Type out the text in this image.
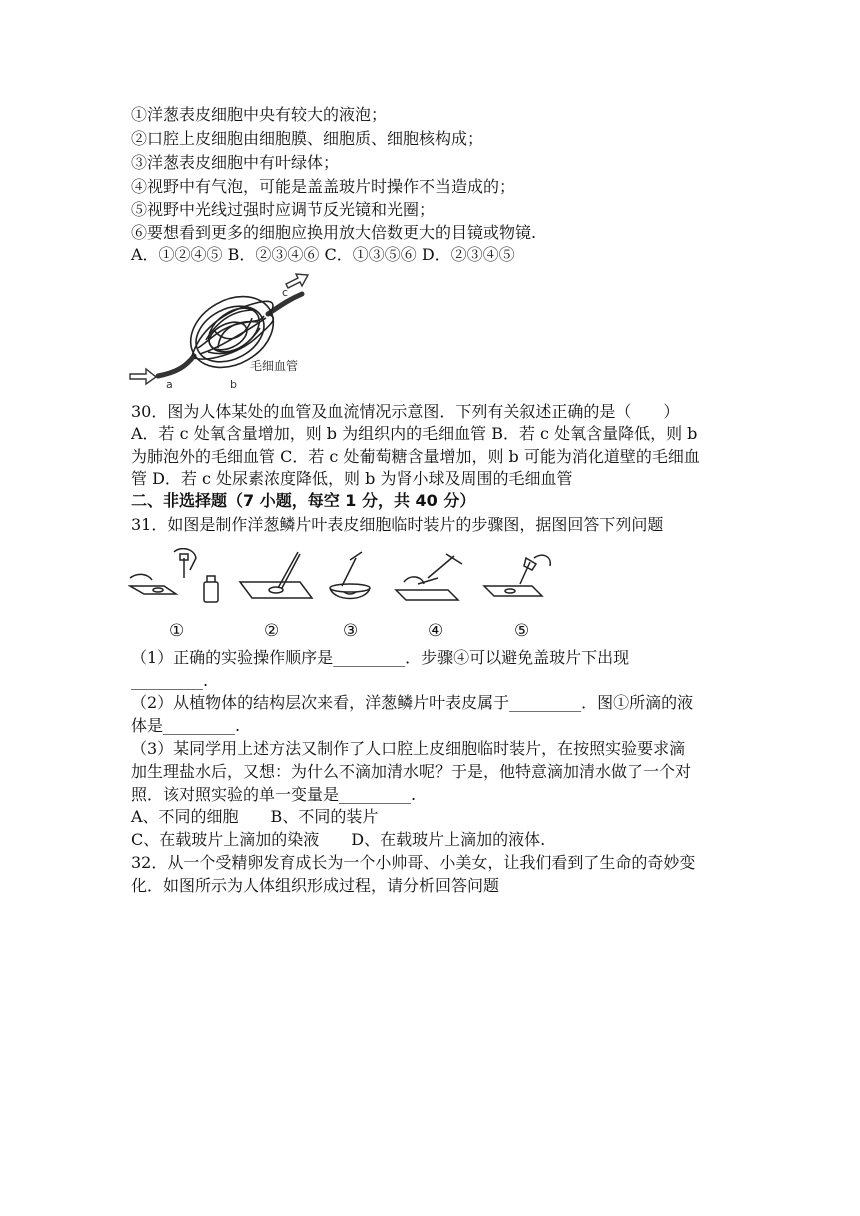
①洋葱表皮细胞中央有较大的液泡；
②口腔上皮细胞由细胞膜、细胞质、细胞核构成；
③洋葱表皮细胞中有叶绿体；
④视野中有气泡，可能是盖盖玻片时操作不当造成的；
⑤视野中光线过强时应调节反光镜和光圈；
⑥要想看到更多的细胞应换用放大倍数更大的目镜或物镜.
A．①②④⑤ B．②③④⑥ C．①③⑤⑥ D．②③④⑤
c
a	b
毛细血管
30．图为人体某处的血管及血流情况示意图．下列有关叙述正确的是（　　）
A．若 c 处氧含量增加，则 b 为组织内的毛细血管 B．若 c 处氧含量降低，则 b
为肺泡外的毛细血管 C．若 c 处葡萄糖含量增加，则 b 可能为消化道壁的毛细血
管 D．若 c 处尿素浓度降低，则 b 为肾小球及周围的毛细血管
二、非选择题（7 小题，每空 1 分，共 40 分）
31．如图是制作洋葱鳞片叶表皮细胞临时装片的步骤图，据图回答下列问题
①	②	③	④	⑤
（1）正确的实验操作顺序是_________．步骤④可以避免盖玻片下出现
_________.
（2）从植物体的结构层次来看，洋葱鳞片叶表皮属于_________．图①所滴的液
体是_________.
（3）某同学用上述方法又制作了人口腔上皮细胞临时装片，在按照实验要求滴
加生理盐水后，又想：为什么不滴加清水呢？于是，他特意滴加清水做了一个对
照．该对照实验的单一变量是_________.
A、不同的细胞　　B、不同的装片
C、在载玻片上滴加的染液　　D、在载玻片上滴加的液体.
32．从一个受精卵发育成长为一个小帅哥、小美女，让我们看到了生命的奇妙变
化．如图所示为人体组织形成过程，请分析回答问题
